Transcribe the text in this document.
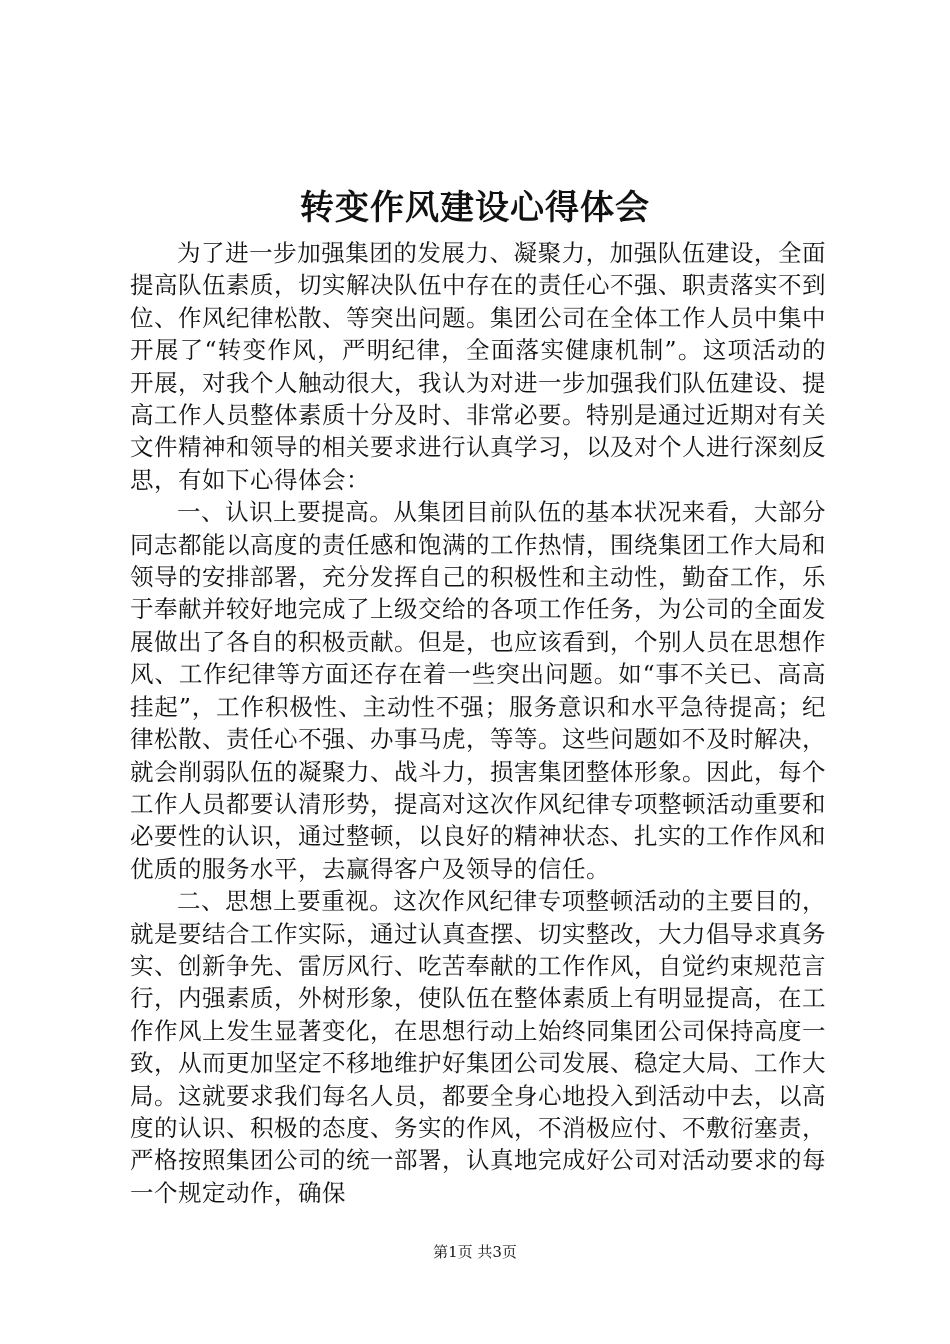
转变作风建设心得体会

为了进一步加强集团的发展力、凝聚力，加强队伍建设，全面提高队伍素质，切实解决队伍中存在的责任心不强、职责落实不到位、作风纪律松散、等突出问题。集团公司在全体工作人员中集中开展了“转变作风，严明纪律，全面落实健康机制”。这项活动的开展，对我个人触动很大，我认为对进一步加强我们队伍建设、提高工作人员整体素质十分及时、非常必要。特别是通过近期对有关文件精神和领导的相关要求进行认真学习，以及对个人进行深刻反思，有如下心得体会：

一、认识上要提高。从集团目前队伍的基本状况来看，大部分同志都能以高度的责任感和饱满的工作热情，围绕集团工作大局和领导的安排部署，充分发挥自己的积极性和主动性，勤奋工作，乐于奉献并较好地完成了上级交给的各项工作任务，为公司的全面发展做出了各自的积极贡献。但是，也应该看到，个别人员在思想作风、工作纪律等方面还存在着一些突出问题。如“事不关已、高高挂起”，工作积极性、主动性不强；服务意识和水平急待提高；纪律松散、责任心不强、办事马虎，等等。这些问题如不及时解决，就会削弱队伍的凝聚力、战斗力，损害集团整体形象。因此，每个工作人员都要认清形势，提高对这次作风纪律专项整顿活动重要和必要性的认识，通过整顿，以良好的精神状态、扎实的工作作风和优质的服务水平，去赢得客户及领导的信任。

二、思想上要重视。这次作风纪律专项整顿活动的主要目的，就是要结合工作实际，通过认真查摆、切实整改，大力倡导求真务实、创新争先、雷厉风行、吃苦奉献的工作作风，自觉约束规范言行，内强素质，外树形象，使队伍在整体素质上有明显提高，在工作作风上发生显著变化，在思想行动上始终同集团公司保持高度一致，从而更加坚定不移地维护好集团公司发展、稳定大局、工作大局。这就要求我们每名人员，都要全身心地投入到活动中去，以高度的认识、积极的态度、务实的作风，不消极应付、不敷衍塞责，严格按照集团公司的统一部署，认真地完成好公司对活动要求的每一个规定动作，确保

第1页 共3页
